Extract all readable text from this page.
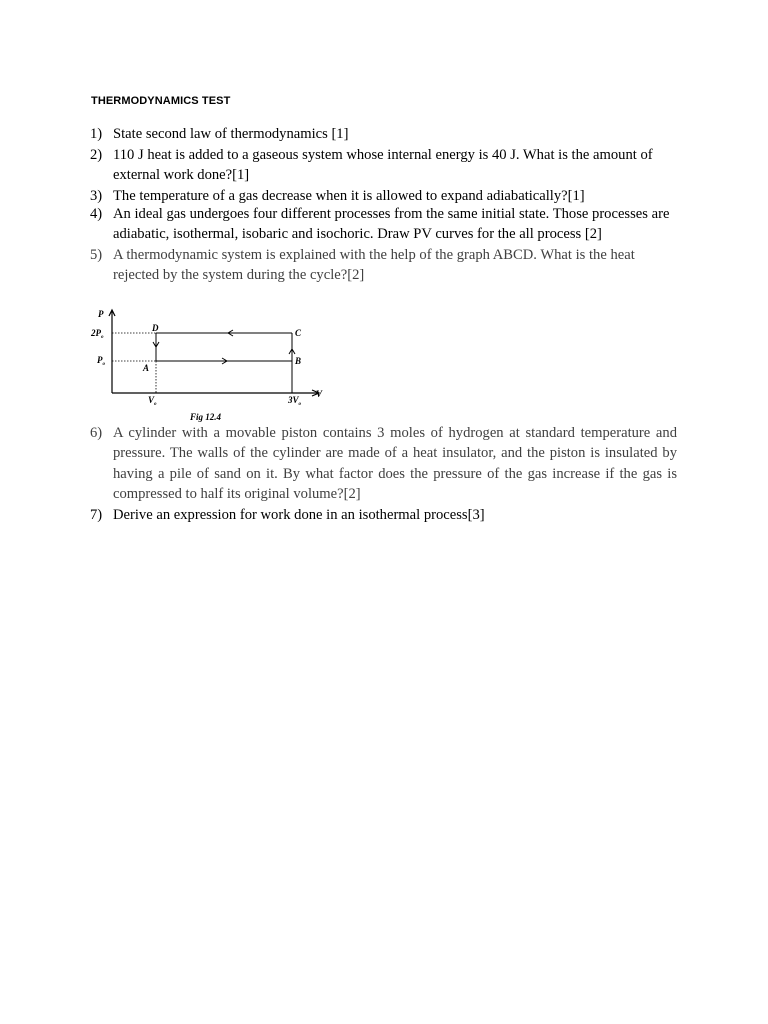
THERMODYNAMICS TEST
1) State second law of thermodynamics [1]
2) 110 J heat is added to a gaseous system whose internal energy is 40 J. What is the amount of external work done?[1]
3) The temperature of a gas decrease when it is allowed to expand adiabatically?[1]
4) An ideal gas undergoes four different processes from the same initial state. Those processes are adiabatic, isothermal, isobaric and isochoric. Draw PV curves for the all process [2]
5) A thermodynamic system is explained with the help of the graph ABCD. What is the heat rejected by the system during the cycle?[2]
P
V
$2P_o$
$P_o$
$V_o$	$3V_o$
A
B
C
D
Fig 12.4
6) A cylinder with a movable piston contains 3 moles of hydrogen at standard temperature and pressure. The walls of the cylinder are made of a heat insulator, and the piston is insulated by having a pile of sand on it. By what factor does the pressure of the gas increase if the gas is compressed to half its original volume?[2]
7) Derive an expression for work done in an isothermal process[3]
